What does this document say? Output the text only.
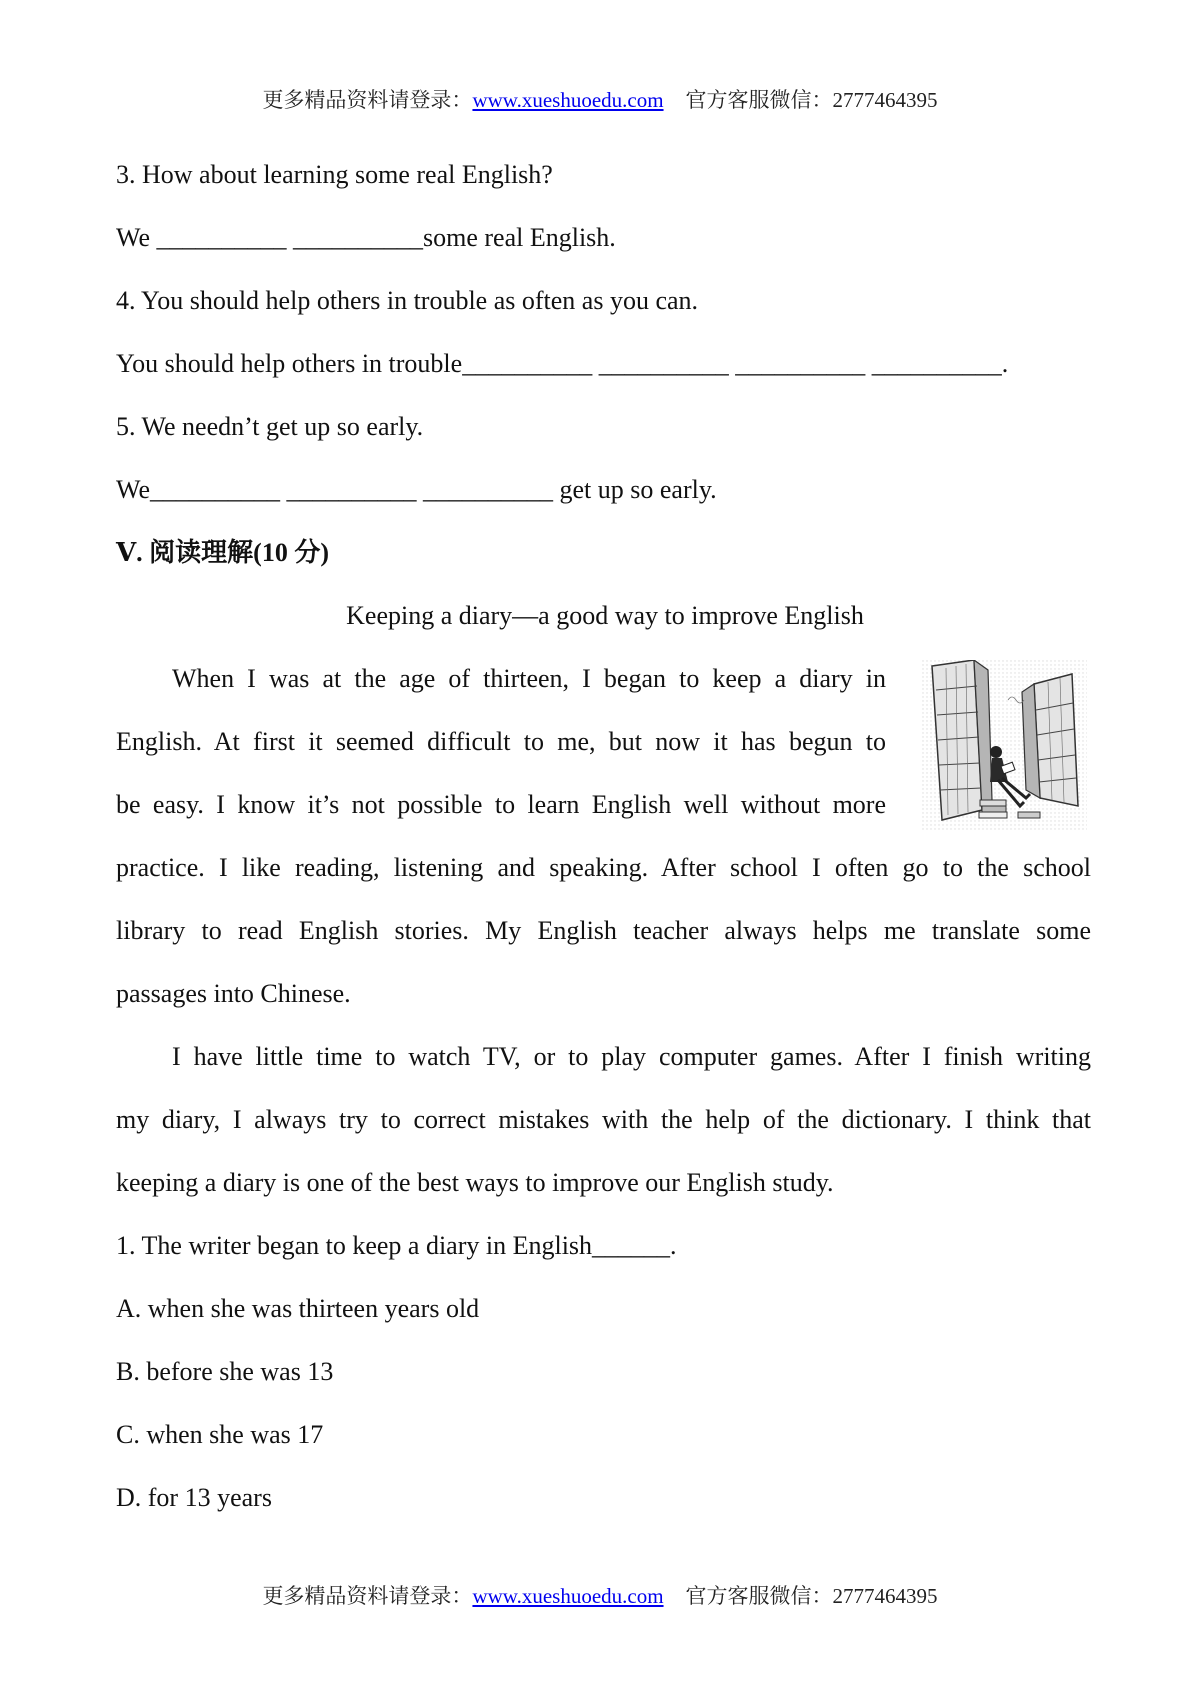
更多精品资料请登录：www.xueshuoedu.com 官方客服微信：2777464395
3. How about learning some real English?
We __________ __________some real English.
4. You should help others in trouble as often as you can.
You should help others in trouble__________ __________ __________ __________.
5. We needn’t get up so early.
We__________ __________ __________ get up so early.
Ⅴ. 阅读理解(10 分)
Keeping a diary—a good way to improve English
When I was at the age of thirteen, I began to keep a diary in
English. At first it seemed difficult to me, but now it has begun to
be easy. I know it’s not possible to learn English well without more
practice. I like reading, listening and speaking. After school I often go to the school
library to read English stories. My English teacher always helps me translate some
passages into Chinese.
I have little time to watch TV, or to play computer games. After I finish writing
my diary, I always try to correct mistakes with the help of the dictionary. I think that
keeping a diary is one of the best ways to improve our English study.
1. The writer began to keep a diary in English______.
A. when she was thirteen years old
B. before she was 13
C. when she was 17
D. for 13 years
更多精品资料请登录：www.xueshuoedu.com 官方客服微信：2777464395
